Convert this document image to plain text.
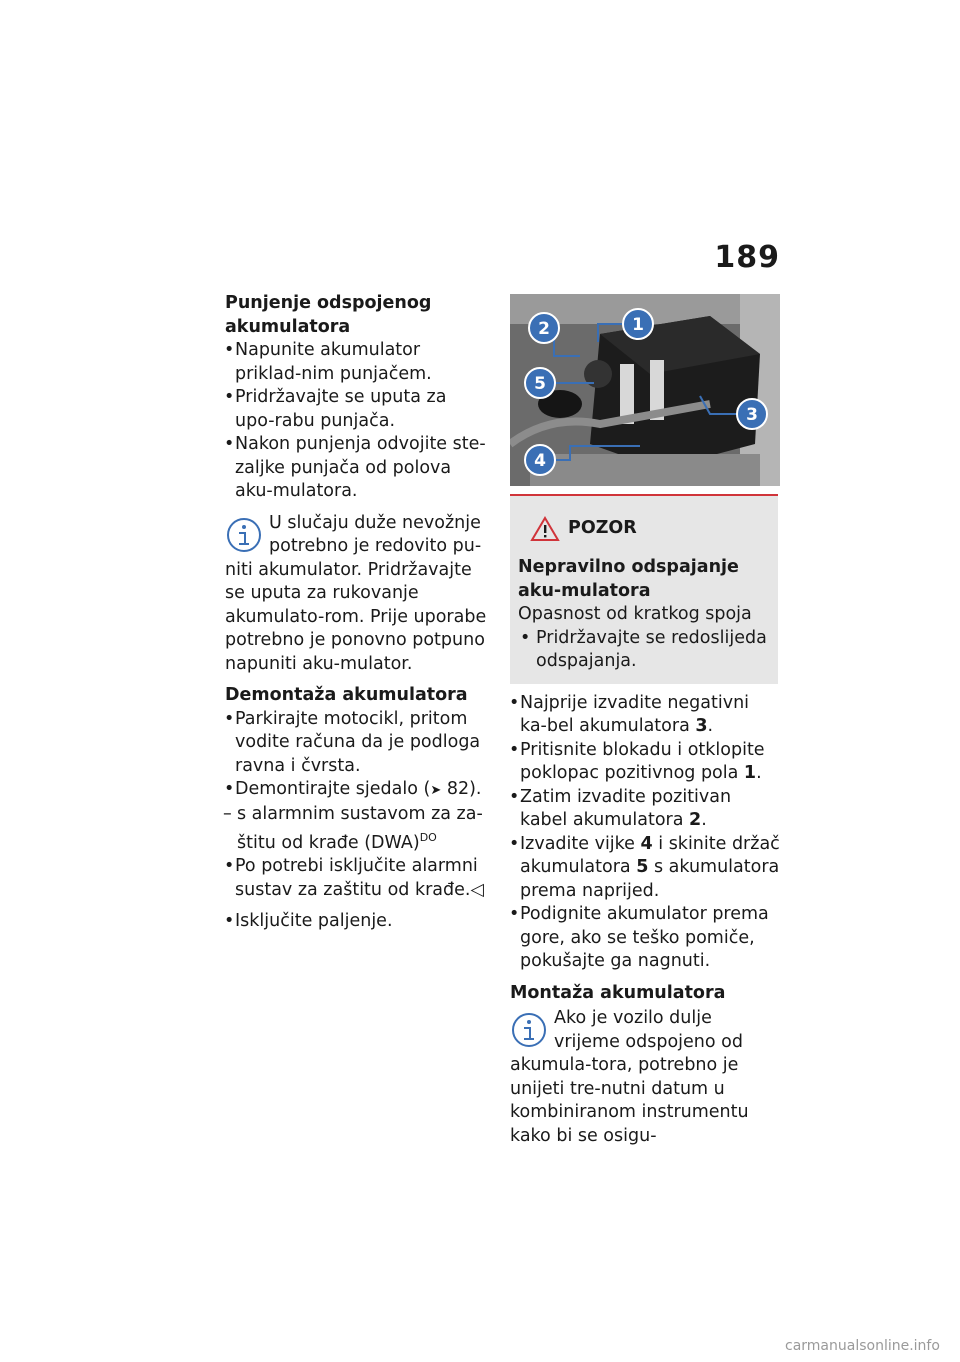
189
Punjenje odspojenog akumulatora
• Napunite akumulator priklad-nim punjačem.
• Pridržavajte se uputa za upo-rabu punjača.
• Nakon punjenja odvojite ste-zaljke punjača od polova aku-mulatora.
U slučaju duže nevožnje potrebno je redovito pu-niti akumulator. Pridržavajte se uputa za rukovanje akumulato-rom. Prije uporabe potrebno je ponovno potpuno napuniti aku-mulator.
Demontaža akumulatora
• Parkirajte motocikl, pritom vodite računa da je podloga ravna i čvrsta.
• Demontirajte sjedalo (➤ 82).
– s alarmnim sustavom za za-štitu od krađe (DWA)$^{DO}$
• Po potrebi isključite alarmni sustav za zaštitu od krađe.◁
• Isključite paljenje.
2	1
5
3
4
POZOR
Nepravilno odspajanje aku-mulatora
Opasnost od kratkog spoja
• Pridržavajte se redoslijeda odspajanja.
• Najprije izvadite negativni ka-bel akumulatora 3.
• Pritisnite blokadu i otklopite poklopac pozitivnog pola 1.
• Zatim izvadite pozitivan kabel akumulatora 2.
• Izvadite vijke 4 i skinite držač akumulatora 5 s akumulatora prema naprijed.
• Podignite akumulator prema gore, ako se teško pomiče, pokušajte ga nagnuti.
Montaža akumulatora
Ako je vozilo dulje vrijeme odspojeno od akumula-tora, potrebno je unijeti tre-nutni datum u kombiniranom instrumentu kako bi se osigu-
carmanualsonline.info
